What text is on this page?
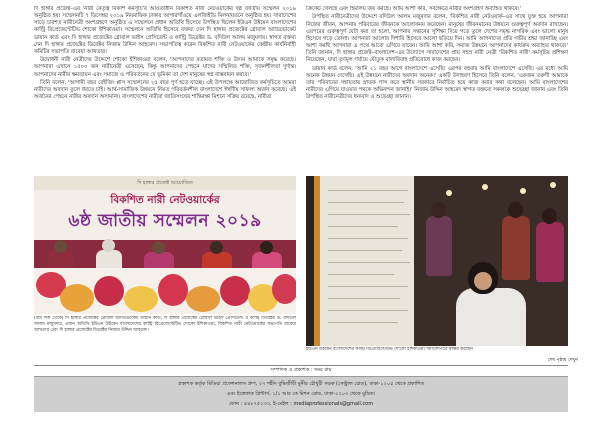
দি হাঙ্গার প্রজেক্ট–এর 'নারী নেতৃত্ব বিকাশ কর্মসূচি'র আওতাধীন বিকশিত নারী নেটওয়ার্কের ষষ্ঠ জাতীয় সম্মেলন ২০১৯ অনুষ্ঠিত হয়। সম্মেলনটি ৭ ডিসেম্বর ২০১৯ নিয়মাফিক ঢাকার আগারগাঁওয়ে এলজিইডি মিলনায়তনে অনুষ্ঠিত হয়। সারাদেশের সাড়ে চারশত নারীনেত্রী অংশগ্রহণে অনুষ্ঠিত এ সম্মেলনে প্রধান অতিথি হিসেবে উপস্থিত ছিলেন ইউএন উইমেন বাংলাদেশের কান্ট্রি রিপ্রেজেন্টেটিভ শোকো ইশিকাওয়া। সম্মেলনে অতিথি হিসেবে বক্তব্য দেন দি হাঙ্গার প্রজেক্টের গ্লোবাল অ্যাডভোকেট ডায়ান কার্ড এবং দি হাঙ্গার প্রজেক্টের গ্লোবাল ভাইস প্রেসিডেন্ট ও কান্ট্রি ডিরেক্টর ড. বদিউল আলম মজুমদার। স্বাগত বক্তব্য দেন দি হাঙ্গার প্রজেক্টের ডিরেক্টর নিজাম উদ্দিন আহমেদ। সভাপতিত্ব করেন বিকশিত নারী নেটওয়ার্কের কেন্দ্রীয় কার্যনির্বাহী কমিটির সভাপতি রাবেয়া আখতার।

উদ্বোধনী নারী নেত্রীদের উদ্দেশে শোকো ইশিকাওয়া বলেন, 'আপনাদের মতামত শক্তি ও উদ্যম আমাকে সমৃদ্ধ করেছে। আপনারা এখানে ১৫০০ জন নারীনেত্রী এসেছেন, কিন্তু আপনাদের পেছনে যাদের সম্মিলিত শক্তি, সৃজনশীলতা দুর্দান্ত। আপনাদের নারীর ক্ষমতায়ন এবং সমাজে ও পরিবর্তনের যে ভূমিকা তা দেশ মানুষের স্বপ্ন বাস্তবায়ন করবে।'

তিনি বলেন, 'আগামী বছর বেইজিং প্লাস সম্মেলনের ২৫ বছর পূর্ণ হতে যাচ্ছে। এই উপলক্ষে আয়োজিত কর্মসূচিতে আমরা নারীদের অবদান তুলে ধরতে চাই। আর্থ-সামাজিক উন্নয়নে নিয়ত পরিবর্তনশীল বাংলাদেশে ঈর্ষণীয় সাফল্য অর্জন করেছে। এই অর্জনের পেছনে নারীর অবদান অসামান্য। বাংলাদেশের নারীরা জাতিসংঘের শান্তিরক্ষা মিশনে সক্রিয় রয়েছে, নারীরা

ক্রিকেট খেলছে এবং হিমালয় জয় করছে। আমি আশা করি, সর্বক্ষেত্রে নারীর অংশগ্রহণ অব্যাহত থাকবে।'

উপস্থিত নারীনেত্রীদের উদ্দেশে বদিউল আলম মজুমদার বলেন, 'বিকশিত নারী নেটওয়ার্ক–এর সাথে যুক্ত হয়ে আপনারা নিজের জীবন, আপনার পরিবারের জীবনকে আলোকময় করেছেন। মানুষের জীবনমানের উন্নয়নে গুরুত্বপূর্ণ অবদান রাখছেন। এরপরের গুরুত্বপূর্ণ যেটা করা তা হলো, আপনার সন্তানের সুশিক্ষা দিয়ে গড়ে তুলে দেশের সমৃদ্ধ নাগরিক এবং ভালো মানুষ হিসেবে গড়ে তোলা। আপনারা আলোর দিশারি হিসেবে আলো ছড়িয়ে দিন। আমি আপনাদের প্রতি গভীর শ্রদ্ধা জানাচ্ছি এবং আশা করছি আপনারা এ পথে আরো এগিয়ে যাবেন। আমি আশা করি, সমাজ উন্নয়নে আপনাদের কার্যক্রম অব্যাহত থাকবে।' তিনি জানান, দি হাঙ্গার প্রজেক্ট–বাংলাদেশ–এর উদ্যোগে সারাদেশের প্রায় সহস্র নারী নেত্রী 'বিকশিত নারী' কর্মসূচির প্রশিক্ষণ নিয়েছেন, যারা তৃণমূল পর্যায়ে যৌতুক বাল্যবিবাহ প্রতিরোধে কাজ করছেন।

ডায়ান কার্ড বলেন, 'আমি ২১ বছর আগে বাংলাদেশে এসেছি। এরপর বহুবার আমি বাংলাদেশে এসেছি। এর মধ্যে আমি অনেক উন্নয়ন দেখেছি। এই উন্নয়নে নারীদের অবদান অনেক।' একটি উদাহরণ হিসেবে তিনি বলেন, 'একজন তরুণী আমাকে তার পরিবারের সহায়তায় স্নাতক পাস করে স্থানীয় সরকারে নির্বাচিত হয়ে কাজ করার কথা বলেছেন। আমি বাংলাদেশের নারীদের এগিয়ে যাওয়ার পথকে অভিনন্দন জানাই।' নিজাম উদ্দিন আহমেদ স্বাগত বক্তব্যে সকলকে শুভেচ্ছা জানান এবং তিনি উপস্থিত নারীনেত্রীদের ধন্যবাদ ও শুভেচ্ছা জানান।

দি হাঙ্গার প্রজেক্ট আয়োজিত
বিকশিত নারী নেটওয়ার্কের
৬ষ্ঠ জাতীয় সম্মেলন ২০১৯
(বাম দিক থেকে) দি হাঙ্গার প্রজেক্টের গ্লোবাল অ্যাডভোকেট ডায়ান কার্ড, দি হাঙ্গার প্রজেক্টের গ্লোবাল ভাইস প্রেসিডেন্ট ও কান্ট্রি ডিরেক্টর ড. বদিউল আলম মজুমদার, প্রধান অতিথি ইউএন উইমেন বাংলাদেশের কান্ট্রি রিপ্রেজেন্টেটিভ শোকো ইশিকাওয়া, বিকশিত নারী নেটওয়ার্কের সভাপতি রাবেয়া আখতার এবং দি হাঙ্গার প্রজেক্টের ডিরেক্টর নিজাম উদ্দিন আহমেদ।
ইউএন উইমেন বাংলাদেশের কান্ট্রি রিপ্রেজেন্টেটিভ শোকো ইশিকাওয়া সমাবেশপত্রে স্বাক্ষর করছেন
শেষ পৃষ্ঠায় দেখুন
সম্পাদক ও প্রকাশক : সমর রায়
প্রকাশক কর্তৃক মিডিয়া প্রফেশনালস গ্রুপ, ২৭ শহীদ বুদ্ধিজীবী মুনীর চৌধুরী সড়ক (সেন্ট্রাল রোড), ঢাকা-১২০৫ থেকে প্রকাশিত
এবং ইত্তেফাক প্রিন্টার্স, ১/১ আর কে মিশন রোড, ঢাকা-১২০৩ থেকে মুদ্রিত।
ফোন : ৪৪৮৭৫২৩৩, ই-মেইল : mediaprofessionals@gmail.com
